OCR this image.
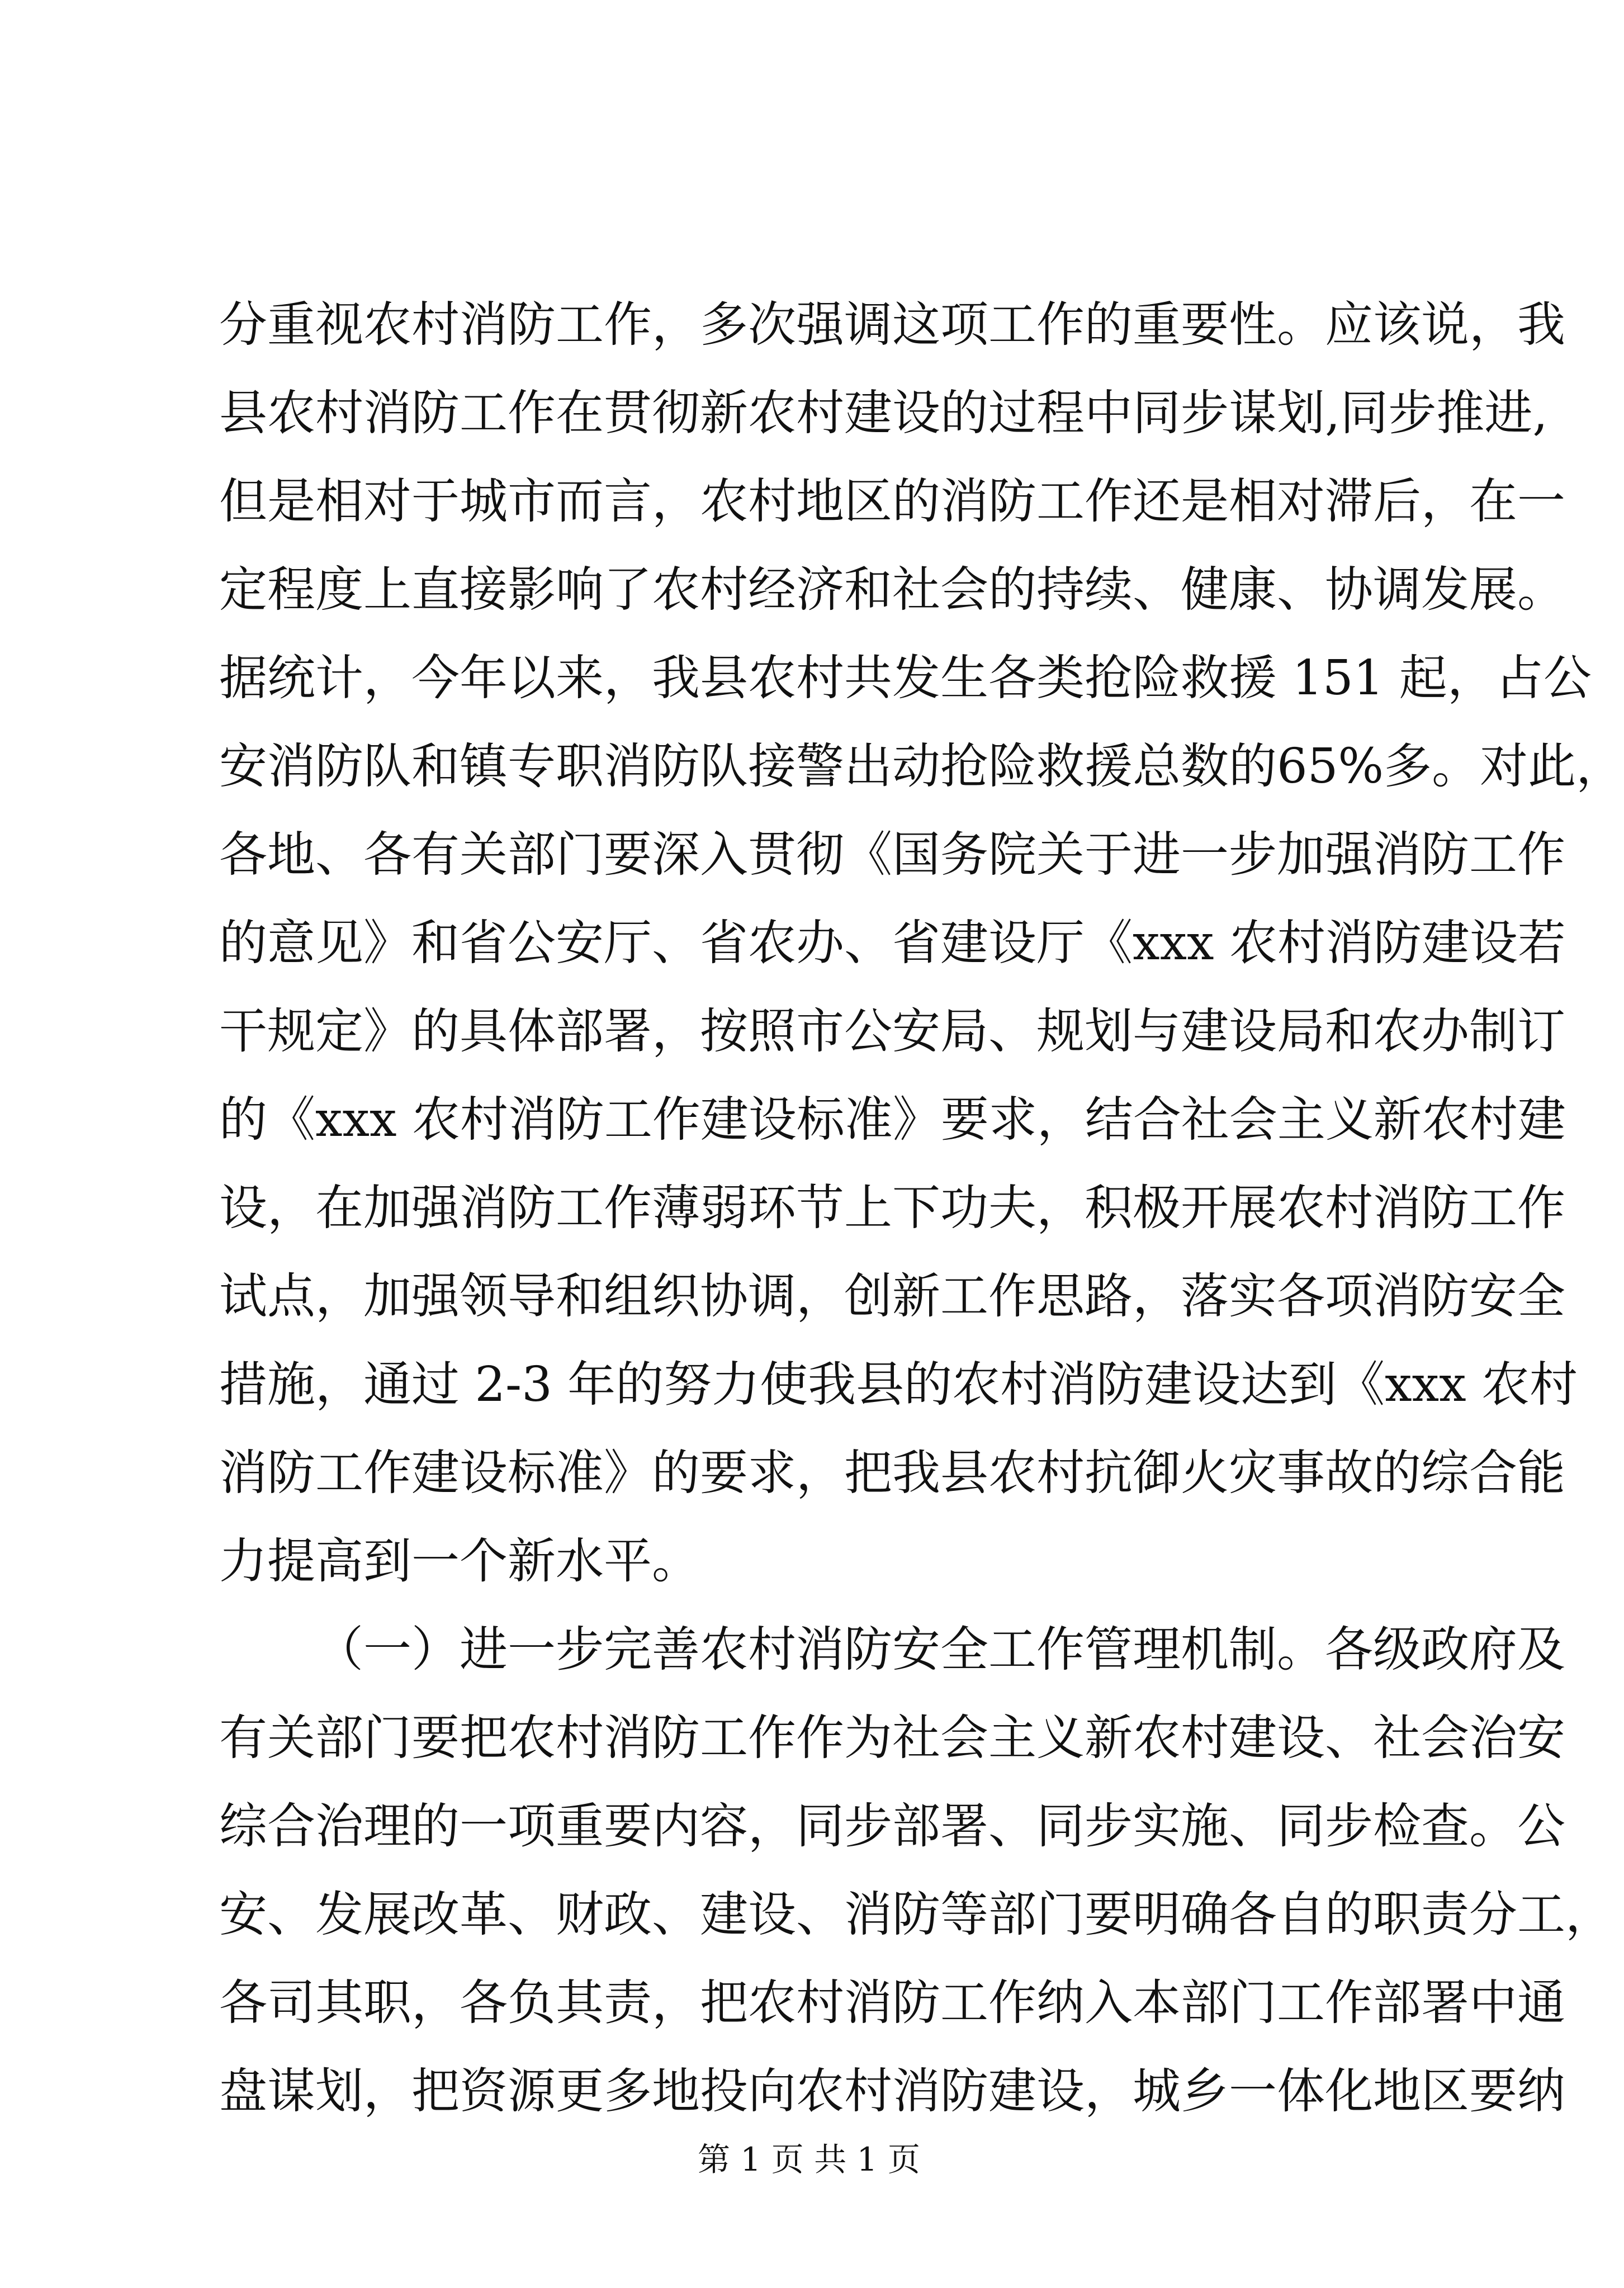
分重视农村消防工作，多次强调这项工作的重要性。应该说，我
县农村消防工作在贯彻新农村建设的过程中同步谋划,同步推进,
但是相对于城市而言，农村地区的消防工作还是相对滞后，在一
定程度上直接影响了农村经济和社会的持续、健康、协调发展。
据统计，今年以来，我县农村共发生各类抢险救援 151 起，占公
安消防队和镇专职消防队接警出动抢险救援总数的65%多。对此，
各地、各有关部门要深入贯彻《国务院关于进一步加强消防工作
的意见》和省公安厅、省农办、省建设厅《xxx 农村消防建设若
干规定》的具体部署，按照市公安局、规划与建设局和农办制订
的《xxx 农村消防工作建设标准》要求，结合社会主义新农村建
设，在加强消防工作薄弱环节上下功夫，积极开展农村消防工作
试点，加强领导和组织协调，创新工作思路，落实各项消防安全
措施，通过 2-3 年的努力使我县的农村消防建设达到《xxx 农村
消防工作建设标准》的要求，把我县农村抗御火灾事故的综合能
力提高到一个新水平。
（一）进一步完善农村消防安全工作管理机制。各级政府及
有关部门要把农村消防工作作为社会主义新农村建设、社会治安
综合治理的一项重要内容，同步部署、同步实施、同步检查。公
安、发展改革、财政、建设、消防等部门要明确各自的职责分工，
各司其职，各负其责，把农村消防工作纳入本部门工作部署中通
盘谋划，把资源更多地投向农村消防建设，城乡一体化地区要纳
第 1 页 共 1 页
